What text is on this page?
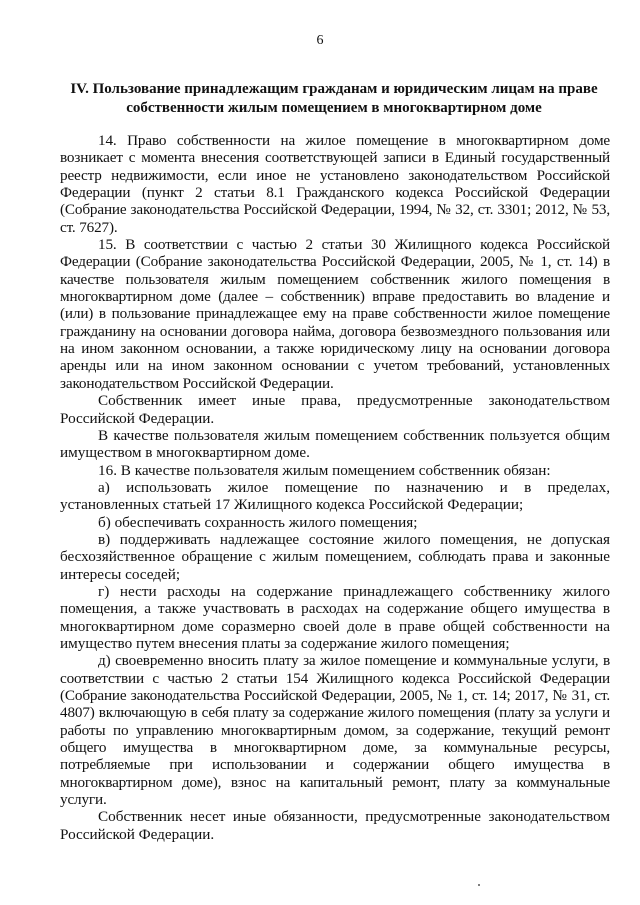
6
IV. Пользование принадлежащим гражданам и юридическим лицам на праве собственности жилым помещением в многоквартирном доме

14. Право собственности на жилое помещение в многоквартирном доме возникает с момента внесения соответствующей записи в Единый государственный реестр недвижимости, если иное не установлено законодательством Российской Федерации (пункт 2 статьи 8.1 Гражданского кодекса Российской Федерации (Собрание законодательства Российской Федерации, 1994, № 32, ст. 3301; 2012, № 53, ст. 7627).

15. В соответствии с частью 2 статьи 30 Жилищного кодекса Российской Федерации (Собрание законодательства Российской Федерации, 2005, № 1, ст. 14) в качестве пользователя жилым помещением собственник жилого помещения в многоквартирном доме (далее – собственник) вправе предоставить во владение и (или) в пользование принадлежащее ему на праве собственности жилое помещение гражданину на основании договора найма, договора безвозмездного пользования или на ином законном основании, а также юридическому лицу на основании договора аренды или на ином законном основании с учетом требований, установленных законодательством Российской Федерации.

Собственник имеет иные права, предусмотренные законодательством Российской Федерации.

В качестве пользователя жилым помещением собственник пользуется общим имуществом в многоквартирном доме.

16. В качестве пользователя жилым помещением собственник обязан:

а) использовать жилое помещение по назначению и в пределах, установленных статьей 17 Жилищного кодекса Российской Федерации;

б) обеспечивать сохранность жилого помещения;

в) поддерживать надлежащее состояние жилого помещения, не допуская бесхозяйственное обращение с жилым помещением, соблюдать права и законные интересы соседей;

г) нести расходы на содержание принадлежащего собственнику жилого помещения, а также участвовать в расходах на содержание общего имущества в многоквартирном доме соразмерно своей доле в праве общей собственности на имущество путем внесения платы за содержание жилого помещения;

д) своевременно вносить плату за жилое помещение и коммунальные услуги, в соответствии с частью 2 статьи 154 Жилищного кодекса Российской Федерации (Собрание законодательства Российской Федерации, 2005, № 1, ст. 14; 2017, № 31, ст. 4807) включающую в себя плату за содержание жилого помещения (плату за услуги и работы по управлению многоквартирным домом, за содержание, текущий ремонт общего имущества в многоквартирном доме, за коммунальные ресурсы, потребляемые при использовании и содержании общего имущества в многоквартирном доме), взнос на капитальный ремонт, плату за коммунальные услуги.

Собственник несет иные обязанности, предусмотренные законодательством Российской Федерации.
